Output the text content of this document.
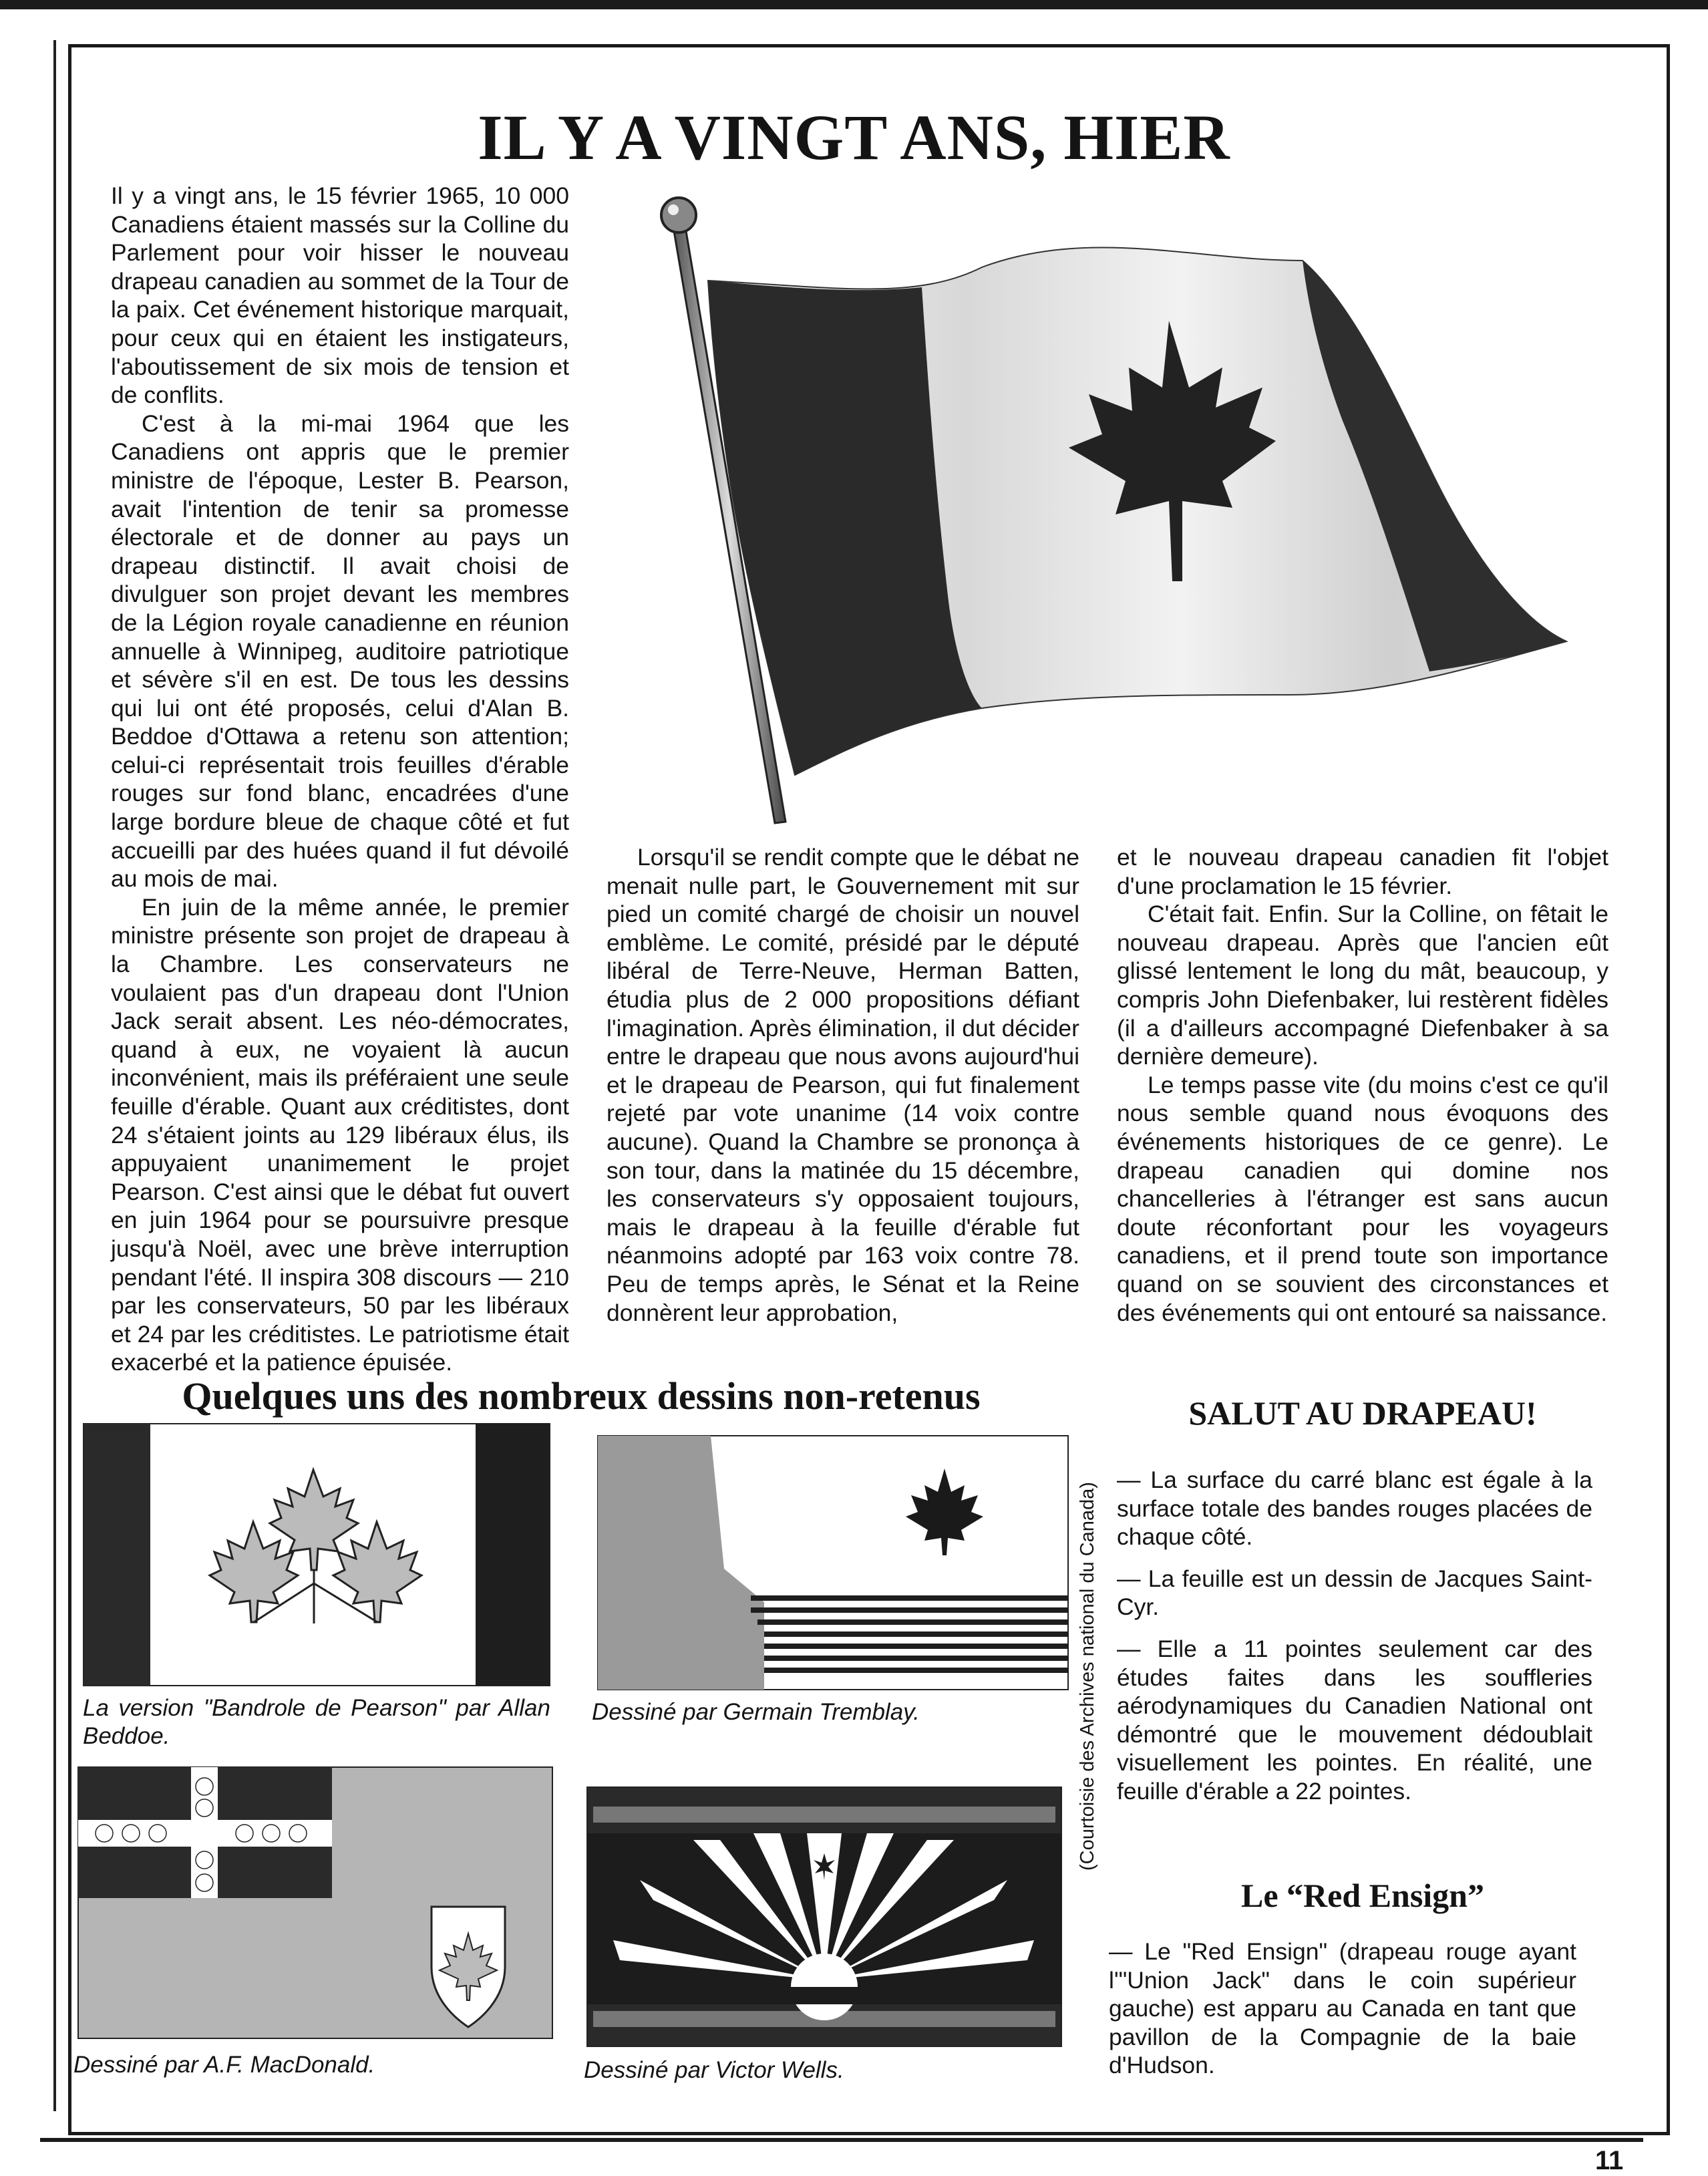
IL Y A VINGT ANS, HIER

Il y a vingt ans, le 15 février 1965, 10 000 Canadiens étaient massés sur la Colline du Parlement pour voir hisser le nouveau drapeau canadien au sommet de la Tour de la paix. Cet événement historique marquait, pour ceux qui en étaient les instigateurs, l'aboutissement de six mois de tension et de conflits.

C'est à la mi-mai 1964 que les Canadiens ont appris que le premier ministre de l'époque, Lester B. Pearson, avait l'intention de tenir sa promesse électorale et de donner au pays un drapeau distinctif. Il avait choisi de divulguer son projet devant les membres de la Légion royale canadienne en réunion annuelle à Winnipeg, auditoire patriotique et sévère s'il en est. De tous les dessins qui lui ont été proposés, celui d'Alan B. Beddoe d'Ottawa a retenu son attention; celui-ci représentait trois feuilles d'érable rouges sur fond blanc, encadrées d'une large bordure bleue de chaque côté et fut accueilli par des huées quand il fut dévoilé au mois de mai.

En juin de la même année, le premier ministre présente son projet de drapeau à la Chambre. Les conservateurs ne voulaient pas d'un drapeau dont l'Union Jack serait absent. Les néo-démocrates, quand à eux, ne voyaient là aucun inconvénient, mais ils préféraient une seule feuille d'érable. Quant aux créditistes, dont 24 s'étaient joints au 129 libéraux élus, ils appuyaient unanimement le projet Pearson. C'est ainsi que le débat fut ouvert en juin 1964 pour se poursuivre presque jusqu'à Noël, avec une brève interruption pendant l'été. Il inspira 308 discours — 210 par les conservateurs, 50 par les libéraux et 24 par les créditistes. Le patriotisme était exacerbé et la patience épuisée.

Lorsqu'il se rendit compte que le débat ne menait nulle part, le Gouvernement mit sur pied un comité chargé de choisir un nouvel emblème. Le comité, présidé par le député libéral de Terre-Neuve, Herman Batten, étudia plus de 2 000 propositions défiant l'imagination. Après élimination, il dut décider entre le drapeau que nous avons aujourd'hui et le drapeau de Pearson, qui fut finalement rejeté par vote unanime (14 voix contre aucune). Quand la Chambre se prononça à son tour, dans la matinée du 15 décembre, les conservateurs s'y opposaient toujours, mais le drapeau à la feuille d'érable fut néanmoins adopté par 163 voix contre 78. Peu de temps après, le Sénat et la Reine donnèrent leur approbation,

et le nouveau drapeau canadien fit l'objet d'une proclamation le 15 février.

C'était fait. Enfin. Sur la Colline, on fêtait le nouveau drapeau. Après que l'ancien eût glissé lentement le long du mât, beaucoup, y compris John Diefenbaker, lui restèrent fidèles (il a d'ailleurs accompagné Diefenbaker à sa dernière demeure).

Le temps passe vite (du moins c'est ce qu'il nous semble quand nous évoquons des événements historiques de ce genre). Le drapeau canadien qui domine nos chancelleries à l'étranger est sans aucun doute réconfortant pour les voyageurs canadiens, et il prend toute son importance quand on se souvient des circonstances et des événements qui ont entouré sa naissance.

Quelques uns des nombreux dessins non-retenus

La version "Bandrole de Pearson" par Allan Beddoe.

Dessiné par Germain Tremblay.

Dessiné par A.F. MacDonald.	Dessiné par Victor Wells.

(Courtoisie des Archives national du Canada)
SALUT AU DRAPEAU!
— La surface du carré blanc est égale à la surface totale des bandes rouges placées de chaque côté.
— La feuille est un dessin de Jacques Saint-Cyr.
— Elle a 11 pointes seulement car des études faites dans les souffleries aérodynamiques du Canadien National ont démontré que le mouvement dédoublait visuellement les pointes. En réalité, une feuille d'érable a 22 pointes.
Le “Red Ensign”

— Le "Red Ensign" (drapeau rouge ayant l'"Union Jack" dans le coin supérieur gauche) est apparu au Canada en tant que pavillon de la Compagnie de la baie d'Hudson.

11
